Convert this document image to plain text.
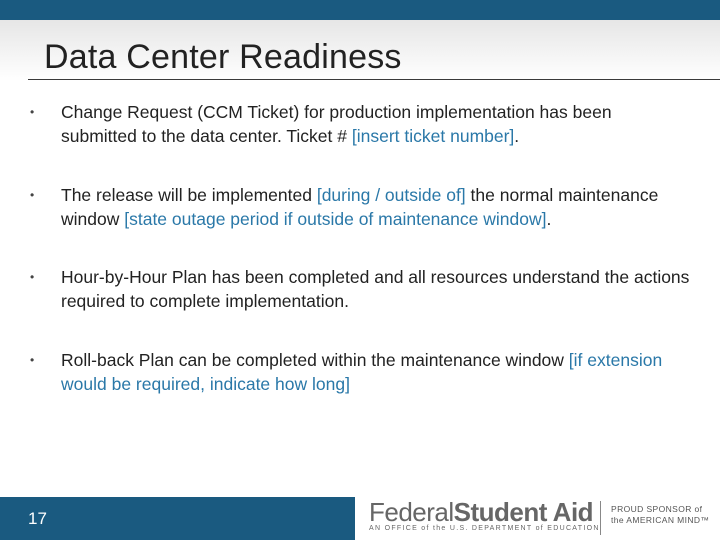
Data Center Readiness
• Change Request (CCM Ticket) for production implementation has been submitted to the data center. Ticket # [insert ticket number].
• The release will be implemented [during / outside of] the normal maintenance window [state outage period if outside of maintenance window].
• Hour-by-Hour Plan has been completed and all resources understand the actions required to complete implementation.
• Roll-back Plan can be completed within the maintenance window [if extension would be required, indicate how long]
17	FederalStudent Aid
AN OFFICE of the U.S. DEPARTMENT of EDUCATION
PROUD SPONSOR of
the AMERICAN MIND™
